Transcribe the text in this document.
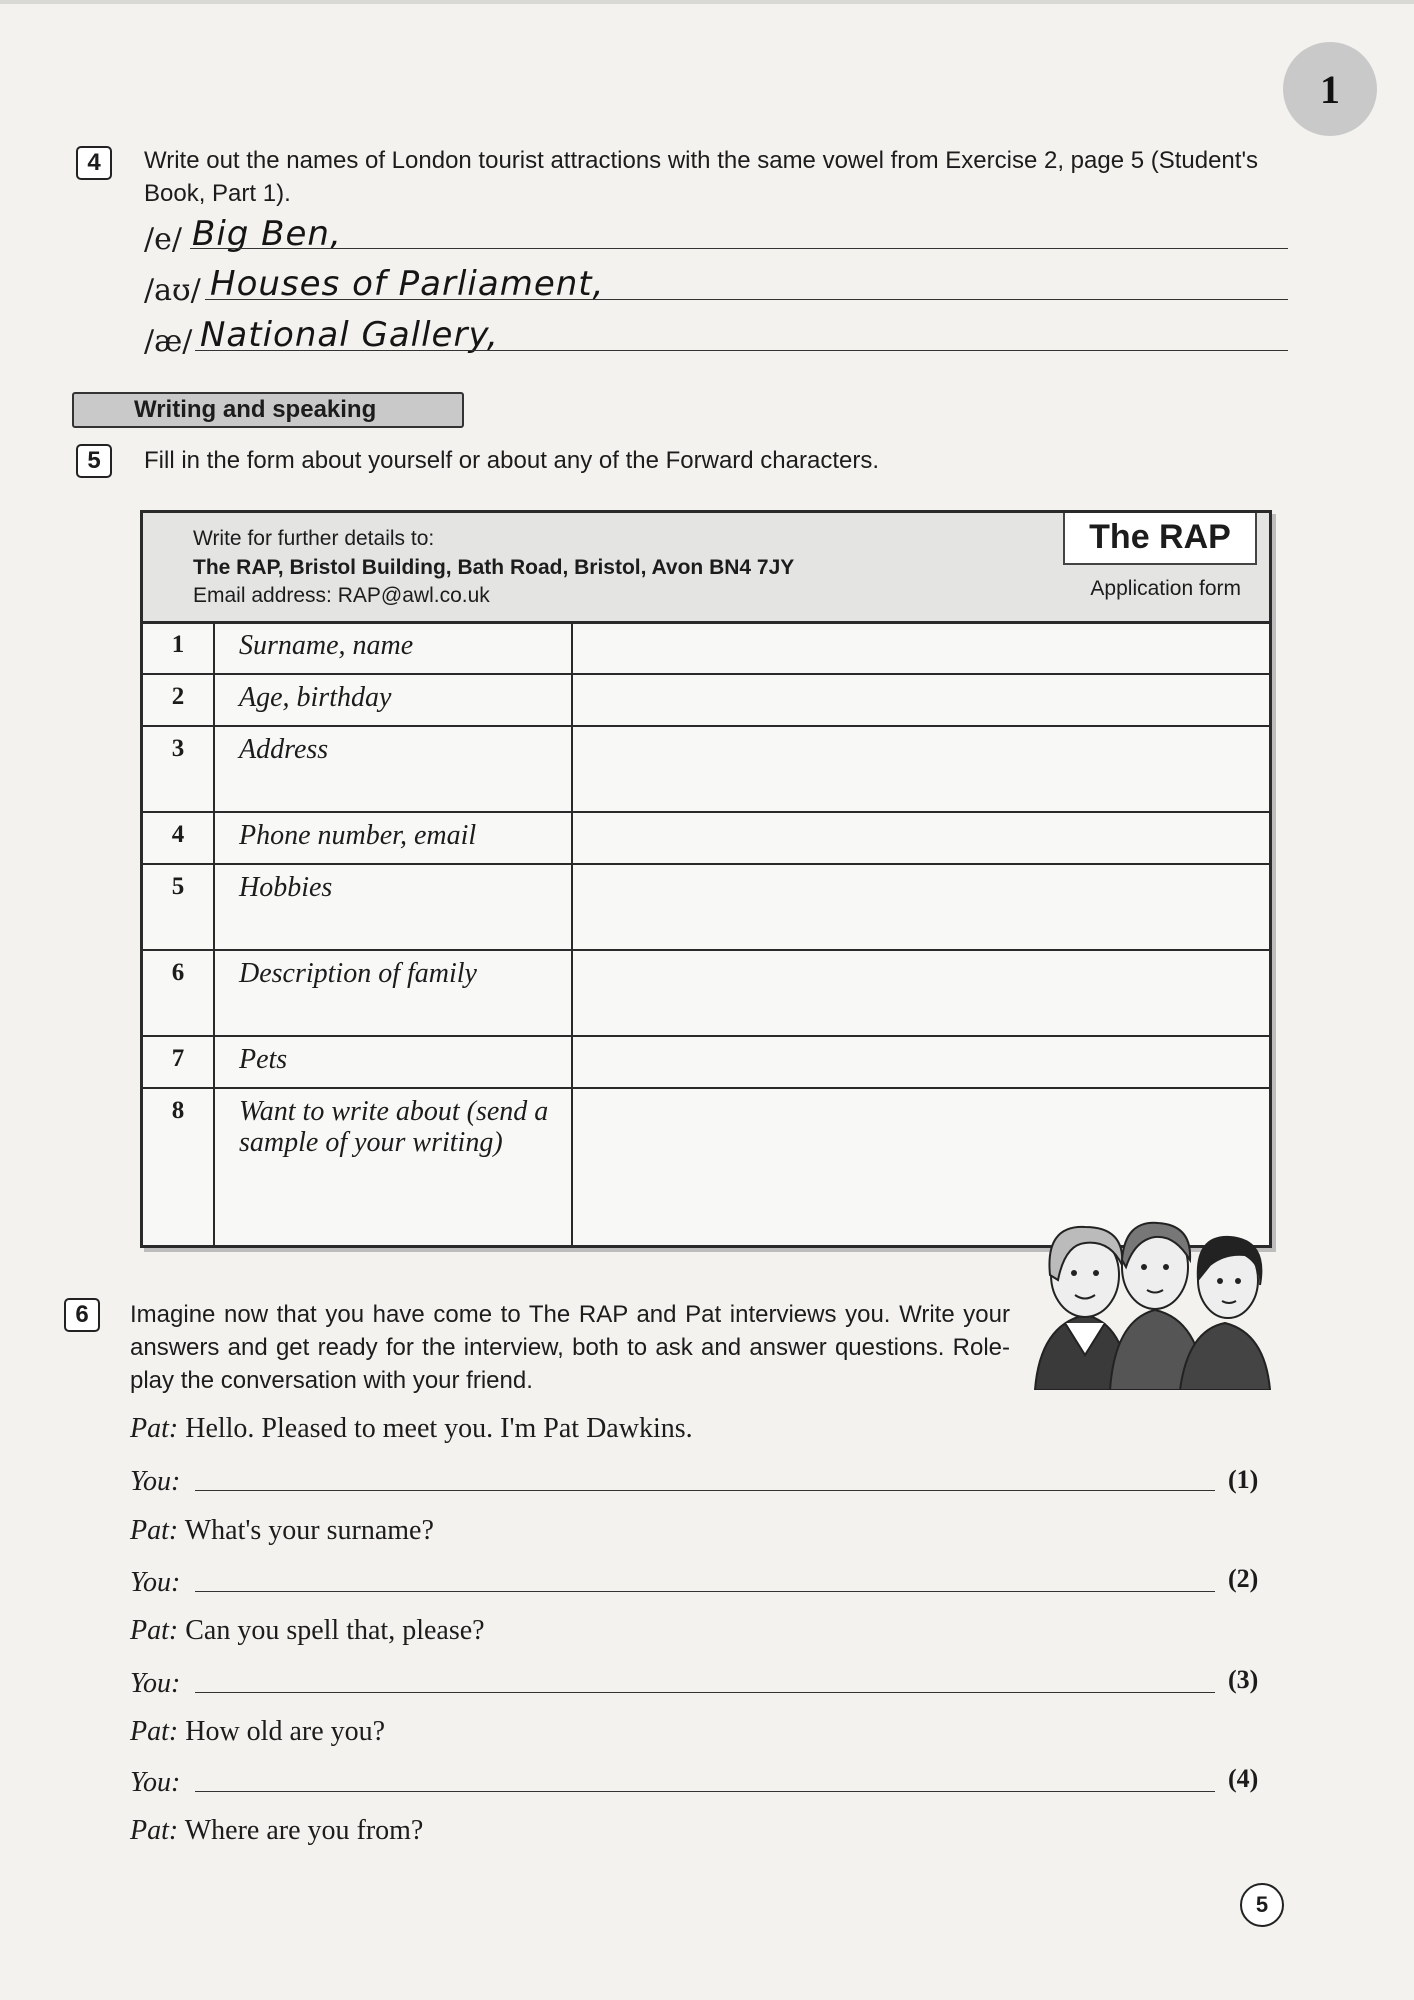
1
4	Write out the names of London tourist attractions with the same vowel from Exercise 2, page 5 (Student's Book, Part 1).
/e/ Big Ben,
/aʊ/ Houses of Parliament,
/æ/ National Gallery,
Writing and speaking
5	Fill in the form about yourself or about any of the Forward characters.
Write for further details to:
The RAP, Bristol Building, Bath Road, Bristol, Avon BN4 7JY
Email address: RAP@awl.co.uk
The RAP
Application form
1	Surname, name
2	Age, birthday
3	Address
4	Phone number, email
5	Hobbies
6	Description of family
7	Pets
8	Want to write about (send a sample of your writing)
6	Imagine now that you have come to The RAP and Pat interviews you. Write your answers and get ready for the interview, both to ask and answer questions. Role-play the conversation with your friend.
Pat: Hello. Pleased to meet you. I'm Pat Dawkins.
You:	(1)
Pat: What's your surname?
You:	(2)
Pat: Can you spell that, please?
You:	(3)
Pat: How old are you?
You:	(4)
Pat: Where are you from?
5
